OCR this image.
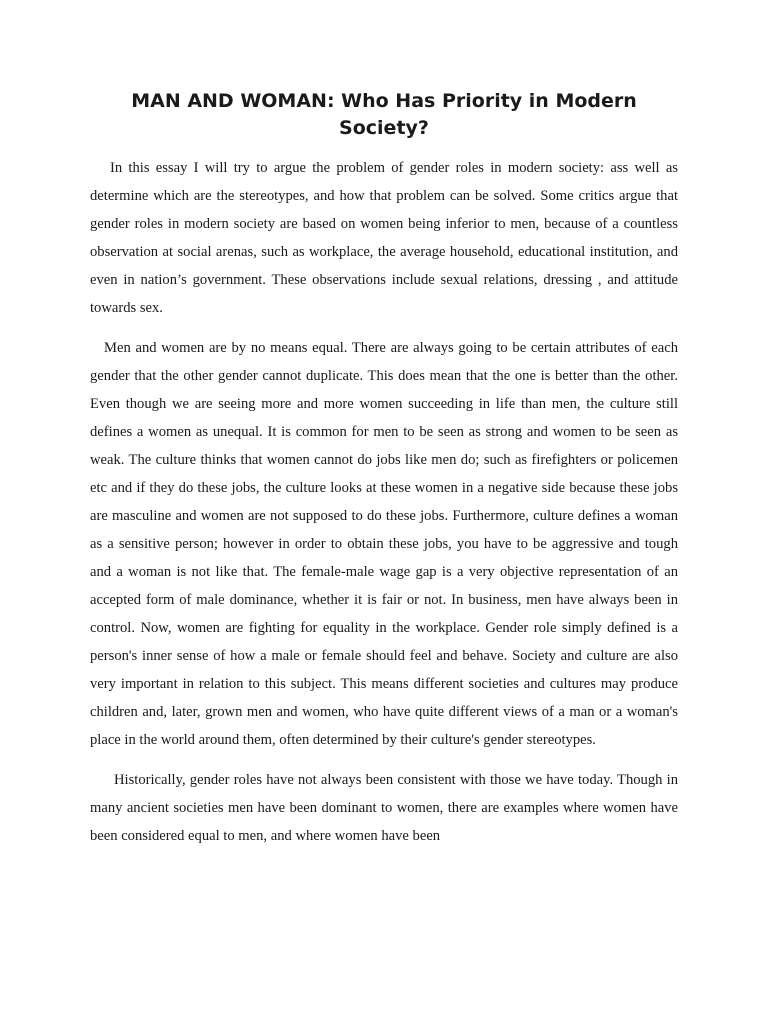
MAN AND WOMAN: Who Has Priority in Modern Society?

In this essay I will try to argue the problem of gender roles in modern society: ass well as determine which are the stereotypes, and how that problem can be solved. Some critics argue that gender roles in modern society are based on women being inferior to men, because of a countless observation at social arenas, such as workplace, the average household, educational institution, and even in nation’s government. These observations include sexual relations, dressing , and attitude towards sex.

Men and women are by no means equal. There are always going to be certain attributes of each gender that the other gender cannot duplicate. This does mean that the one is better than the other. Even though we are seeing more and more women succeeding in life than men, the culture still defines a women as unequal. It is common for men to be seen as strong and women to be seen as weak. The culture thinks that women cannot do jobs like men do; such as firefighters or policemen etc and if they do these jobs, the culture looks at these women in a negative side because these jobs are masculine and women are not supposed to do these jobs. Furthermore, culture defines a woman as a sensitive person; however in order to obtain these jobs, you have to be aggressive and tough and a woman is not like that. The female-male wage gap is a very objective representation of an accepted form of male dominance, whether it is fair or not. In business, men have always been in control. Now, women are fighting for equality in the workplace. Gender role simply defined is a person's inner sense of how a male or female should feel and behave. Society and culture are also very important in relation to this subject. This means different societies and cultures may produce children and, later, grown men and women, who have quite different views of a man or a woman's place in the world around them, often determined by their culture's gender stereotypes.

Historically, gender roles have not always been consistent with those we have today. Though in many ancient societies men have been dominant to women, there are examples where women have been considered equal to men, and where women have been
